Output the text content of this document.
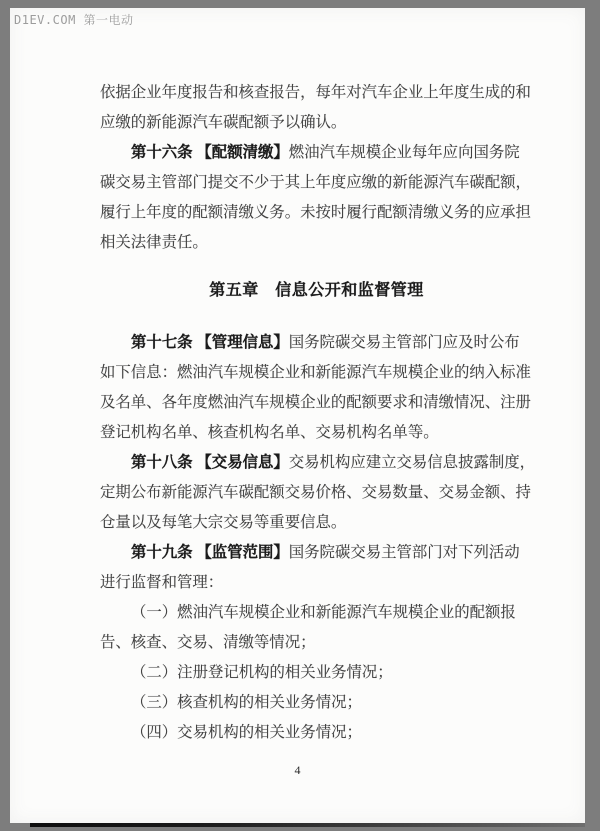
D1EV.COM 第一电动
依据企业年度报告和核查报告，每年对汽车企业上年度生成的和
应缴的新能源汽车碳配额予以确认。
第十六条 【配额清缴】燃油汽车规模企业每年应向国务院
碳交易主管部门提交不少于其上年度应缴的新能源汽车碳配额，
履行上年度的配额清缴义务。未按时履行配额清缴义务的应承担
相关法律责任。
第五章　信息公开和监督管理
第十七条 【管理信息】国务院碳交易主管部门应及时公布
如下信息：燃油汽车规模企业和新能源汽车规模企业的纳入标准
及名单、各年度燃油汽车规模企业的配额要求和清缴情况、注册
登记机构名单、核查机构名单、交易机构名单等。
第十八条 【交易信息】交易机构应建立交易信息披露制度，
定期公布新能源汽车碳配额交易价格、交易数量、交易金额、持
仓量以及每笔大宗交易等重要信息。
第十九条 【监管范围】国务院碳交易主管部门对下列活动
进行监督和管理：
（一）燃油汽车规模企业和新能源汽车规模企业的配额报
告、核查、交易、清缴等情况；
（二）注册登记机构的相关业务情况；
（三）核查机构的相关业务情况；
（四）交易机构的相关业务情况；
4
